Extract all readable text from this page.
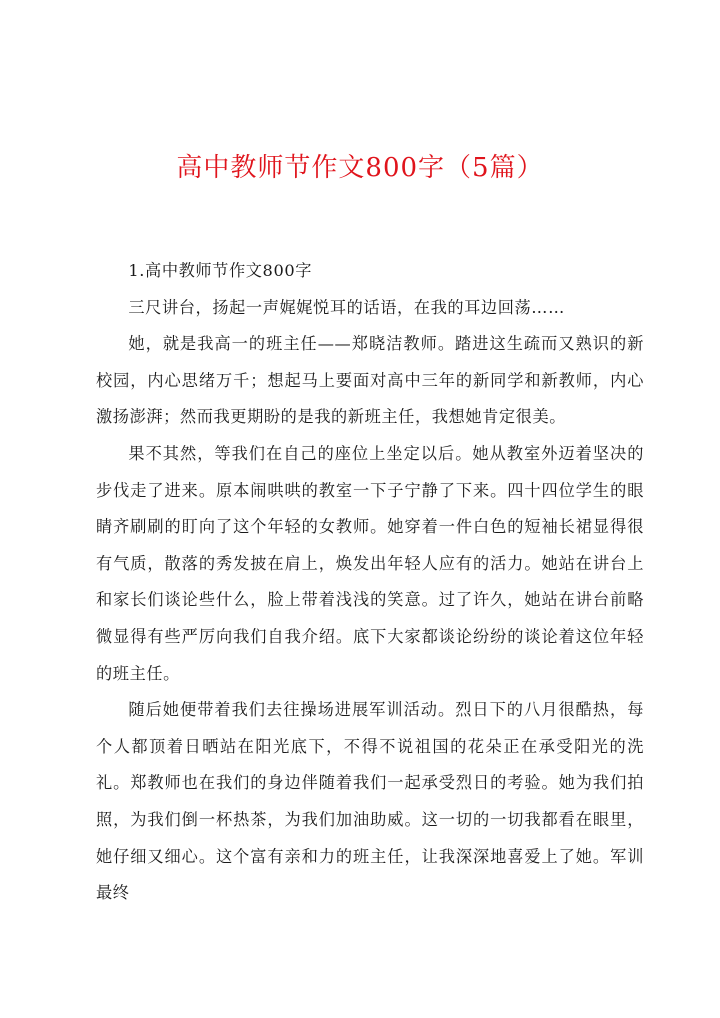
高中教师节作文800字（5篇）

1.高中教师节作文800字

三尺讲台，扬起一声娓娓悦耳的话语，在我的耳边回荡……

她，就是我高一的班主任——郑晓洁教师。踏进这生疏而又熟识的新校园，内心思绪万千；想起马上要面对高中三年的新同学和新教师，内心激扬澎湃；然而我更期盼的是我的新班主任，我想她肯定很美。

果不其然，等我们在自己的座位上坐定以后。她从教室外迈着坚决的步伐走了进来。原本闹哄哄的教室一下子宁静了下来。四十四位学生的眼睛齐刷刷的盯向了这个年轻的女教师。她穿着一件白色的短袖长裙显得很有气质，散落的秀发披在肩上，焕发出年轻人应有的活力。她站在讲台上和家长们谈论些什么，脸上带着浅浅的笑意。过了许久，她站在讲台前略微显得有些严厉向我们自我介绍。底下大家都谈论纷纷的谈论着这位年轻的班主任。

随后她便带着我们去往操场进展军训活动。烈日下的八月很酷热，每个人都顶着日晒站在阳光底下，不得不说祖国的花朵正在承受阳光的洗礼。郑教师也在我们的身边伴随着我们一起承受烈日的考验。她为我们拍照，为我们倒一杯热茶，为我们加油助威。这一切的一切我都看在眼里，她仔细又细心。这个富有亲和力的班主任，让我深深地喜爱上了她。军训最终
